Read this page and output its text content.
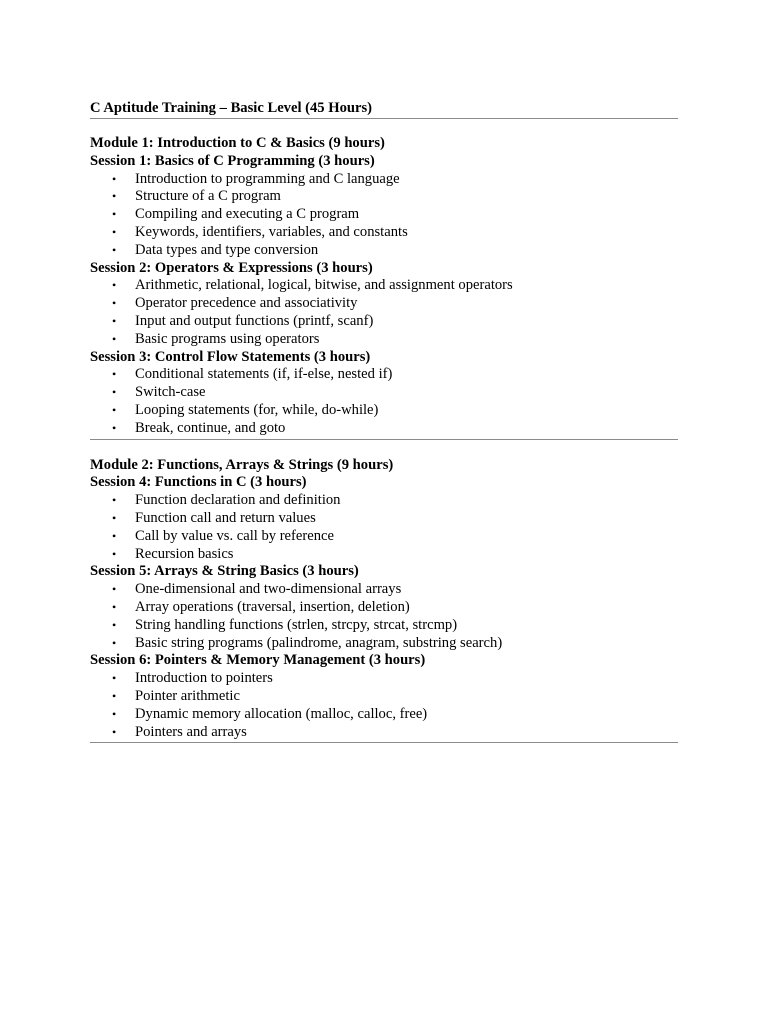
C Aptitude Training – Basic Level (45 Hours)
Module 1: Introduction to C & Basics (9 hours)
Session 1: Basics of C Programming (3 hours)
• Introduction to programming and C language
• Structure of a C program
• Compiling and executing a C program
• Keywords, identifiers, variables, and constants
• Data types and type conversion
Session 2: Operators & Expressions (3 hours)
• Arithmetic, relational, logical, bitwise, and assignment operators
• Operator precedence and associativity
• Input and output functions (printf, scanf)
• Basic programs using operators
Session 3: Control Flow Statements (3 hours)
• Conditional statements (if, if-else, nested if)
• Switch-case
• Looping statements (for, while, do-while)
• Break, continue, and goto
Module 2: Functions, Arrays & Strings (9 hours)
Session 4: Functions in C (3 hours)
• Function declaration and definition
• Function call and return values
• Call by value vs. call by reference
• Recursion basics
Session 5: Arrays & String Basics (3 hours)
• One-dimensional and two-dimensional arrays
• Array operations (traversal, insertion, deletion)
• String handling functions (strlen, strcpy, strcat, strcmp)
• Basic string programs (palindrome, anagram, substring search)
Session 6: Pointers & Memory Management (3 hours)
• Introduction to pointers
• Pointer arithmetic
• Dynamic memory allocation (malloc, calloc, free)
• Pointers and arrays
